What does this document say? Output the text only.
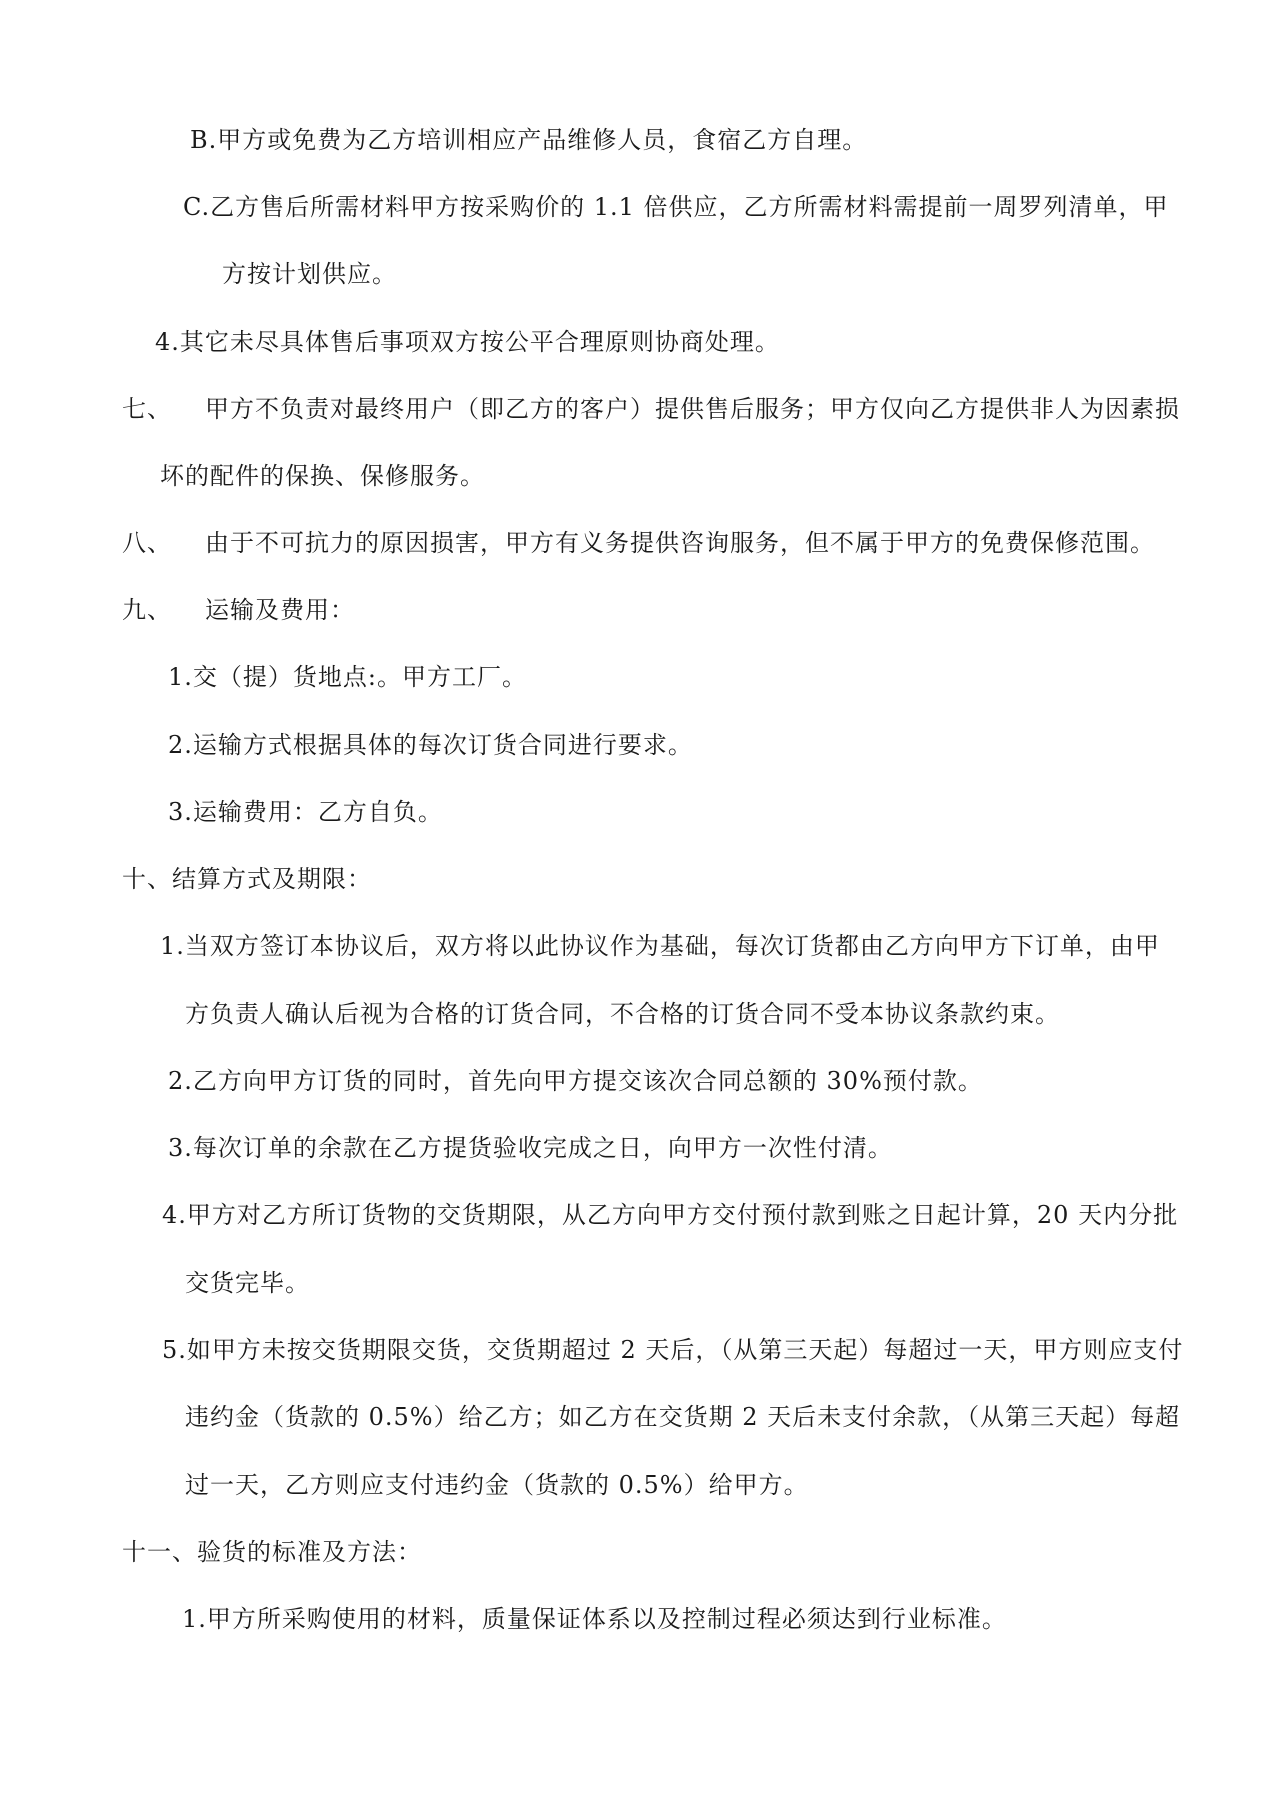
B.甲方或免费为乙方培训相应产品维修人员，食宿乙方自理。
C.乙方售后所需材料甲方按采购价的 1.1 倍供应，乙方所需材料需提前一周罗列清单，甲
方按计划供应。
4.其它未尽具体售后事项双方按公平合理原则协商处理。
七、 甲方不负责对最终用户（即乙方的客户）提供售后服务；甲方仅向乙方提供非人为因素损
坏的配件的保换、保修服务。
八、 由于不可抗力的原因损害，甲方有义务提供咨询服务，但不属于甲方的免费保修范围。
九、 运输及费用：
1.交（提）货地点:。甲方工厂。
2.运输方式根据具体的每次订货合同进行要求。
3.运输费用：乙方自负。
十、结算方式及期限：
1.当双方签订本协议后，双方将以此协议作为基础，每次订货都由乙方向甲方下订单，由甲
方负责人确认后视为合格的订货合同，不合格的订货合同不受本协议条款约束。
2.乙方向甲方订货的同时，首先向甲方提交该次合同总额的 30%预付款。
3.每次订单的余款在乙方提货验收完成之日，向甲方一次性付清。
4.甲方对乙方所订货物的交货期限，从乙方向甲方交付预付款到账之日起计算，20 天内分批
交货完毕。
5.如甲方未按交货期限交货，交货期超过 2 天后，（从第三天起）每超过一天，甲方则应支付
违约金（货款的 0.5%）给乙方；如乙方在交货期 2 天后未支付余款，（从第三天起）每超
过一天，乙方则应支付违约金（货款的 0.5%）给甲方。
十一、验货的标准及方法：
1.甲方所采购使用的材料，质量保证体系以及控制过程必须达到行业标准。
